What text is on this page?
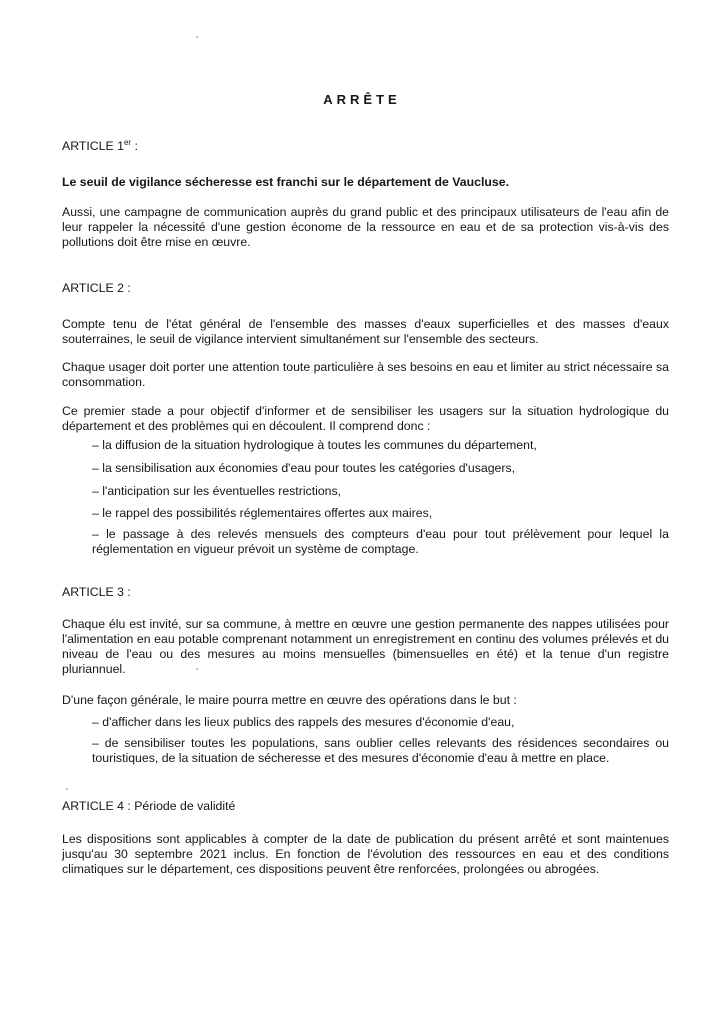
ARRÊTE

ARTICLE 1er :

Le seuil de vigilance sécheresse est franchi sur le département de Vaucluse.

Aussi, une campagne de communication auprès du grand public et des principaux utilisateurs de l'eau afin de leur rappeler la nécessité d'une gestion économe de la ressource en eau et de sa protection vis-à-vis des pollutions doit être mise en œuvre.

ARTICLE 2 :

Compte tenu de l'état général de l'ensemble des masses d'eaux superficielles et des masses d'eaux souterraines, le seuil de vigilance intervient simultanément sur l'ensemble des secteurs.

Chaque usager doit porter une attention toute particulière à ses besoins en eau et limiter au strict nécessaire sa consommation.

Ce premier stade a pour objectif d'informer et de sensibiliser les usagers sur la situation hydrologique du département et des problèmes qui en découlent. Il comprend donc :

– la diffusion de la situation hydrologique à toutes les communes du département,

– la sensibilisation aux économies d'eau pour toutes les catégories d'usagers,

– l'anticipation sur les éventuelles restrictions,

– le rappel des possibilités réglementaires offertes aux maires,

– le passage à des relevés mensuels des compteurs d'eau pour tout prélèvement pour lequel la réglementation en vigueur prévoit un système de comptage.

ARTICLE 3 :

Chaque élu est invité, sur sa commune, à mettre en œuvre une gestion permanente des nappes utilisées pour l'alimentation en eau potable comprenant notamment un enregistrement en continu des volumes prélevés et du niveau de l'eau ou des mesures au moins mensuelles (bimensuelles en été) et la tenue d'un registre pluriannuel.

D'une façon générale, le maire pourra mettre en œuvre des opérations dans le but :

– d'afficher dans les lieux publics des rappels des mesures d'économie d'eau,

– de sensibiliser toutes les populations, sans oublier celles relevants des résidences secondaires ou touristiques, de la situation de sécheresse et des mesures d'économie d'eau à mettre en place.

ARTICLE 4 : Période de validité

Les dispositions sont applicables à compter de la date de publication du présent arrêté et sont maintenues jusqu'au 30 septembre 2021 inclus. En fonction de l'évolution des ressources en eau et des conditions climatiques sur le département, ces dispositions peuvent être renforcées, prolongées ou abrogées.
